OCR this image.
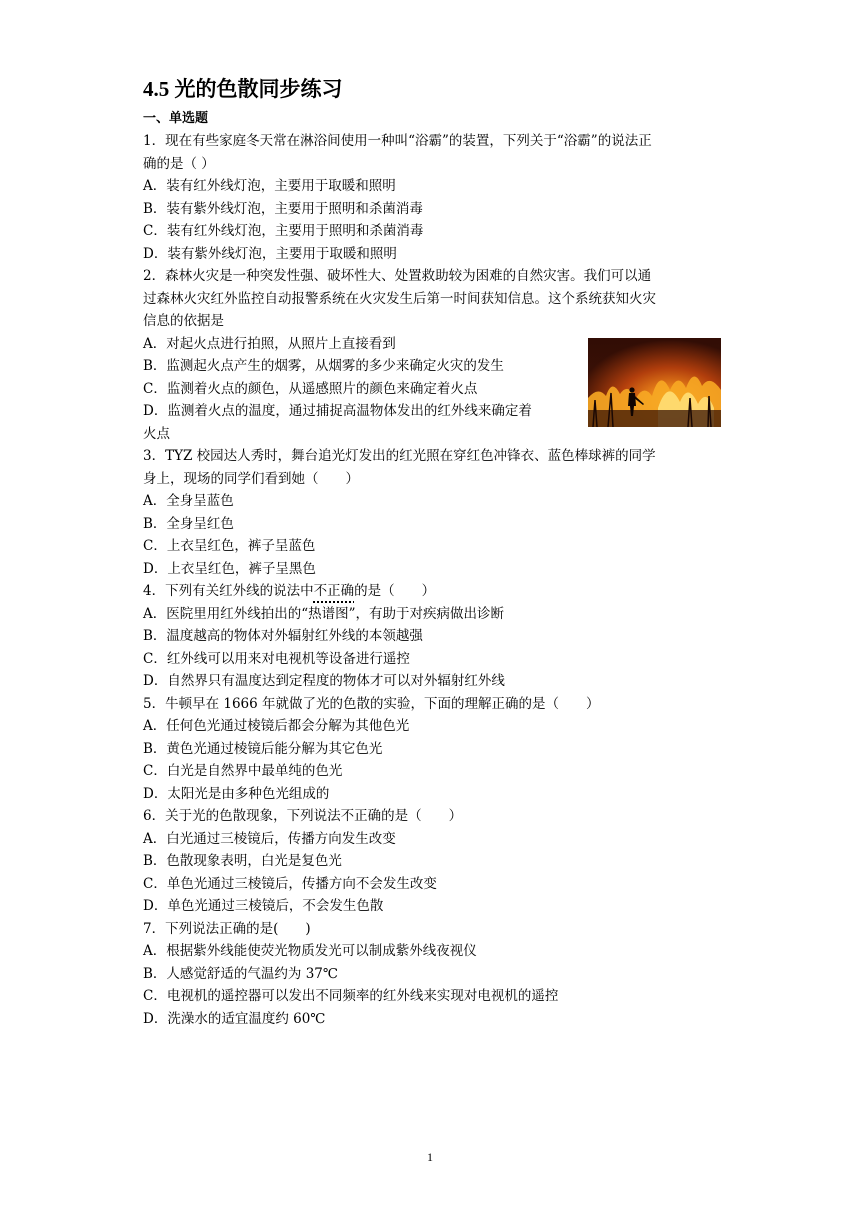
4.5 光的色散同步练习
一、单选题
1．现在有些家庭冬天常在淋浴间使用一种叫“浴霸”的装置，下列关于“浴霸”的说法正
确的是（ ）
A．装有红外线灯泡，主要用于取暖和照明
B．装有紫外线灯泡，主要用于照明和杀菌消毒
C．装有红外线灯泡，主要用于照明和杀菌消毒
D．装有紫外线灯泡，主要用于取暖和照明
2．森林火灾是一种突发性强、破坏性大、处置救助较为困难的自然灾害。我们可以通
过森林火灾红外监控自动报警系统在火灾发生后第一时间获知信息。这个系统获知火灾
信息的依据是
A．对起火点进行拍照，从照片上直接看到
B．监测起火点产生的烟雾，从烟雾的多少来确定火灾的发生
C．监测着火点的颜色，从遥感照片的颜色来确定着火点
D．监测着火点的温度，通过捕捉高温物体发出的红外线来确定着
火点
3．TYZ 校园达人秀时，舞台追光灯发出的红光照在穿红色冲锋衣、蓝色棒球裤的同学
身上，现场的同学们看到她（　　）
A．全身呈蓝色
B．全身呈红色
C．上衣呈红色，裤子呈蓝色
D．上衣呈红色，裤子呈黑色
4．下列有关红外线的说法中不正确的是（　　）
A．医院里用红外线拍出的“热谱图”，有助于对疾病做出诊断
B．温度越高的物体对外辐射红外线的本领越强
C．红外线可以用来对电视机等设备进行遥控
D．自然界只有温度达到定程度的物体才可以对外辐射红外线
5．牛顿早在 1666 年就做了光的色散的实验，下面的理解正确的是（　　）
A．任何色光通过棱镜后都会分解为其他色光
B．黄色光通过棱镜后能分解为其它色光
C．白光是自然界中最单纯的色光
D．太阳光是由多种色光组成的
6．关于光的色散现象，下列说法不正确的是（　　）
A．白光通过三棱镜后，传播方向发生改变
B．色散现象表明，白光是复色光
C．单色光通过三棱镜后，传播方向不会发生改变
D．单色光通过三棱镜后，不会发生色散
7．下列说法正确的是(　　)
A．根据紫外线能使荧光物质发光可以制成紫外线夜视仪
B．人感觉舒适的气温约为 37℃
C．电视机的遥控器可以发出不同频率的红外线来实现对电视机的遥控
D．洗澡水的适宜温度约 60℃
1
